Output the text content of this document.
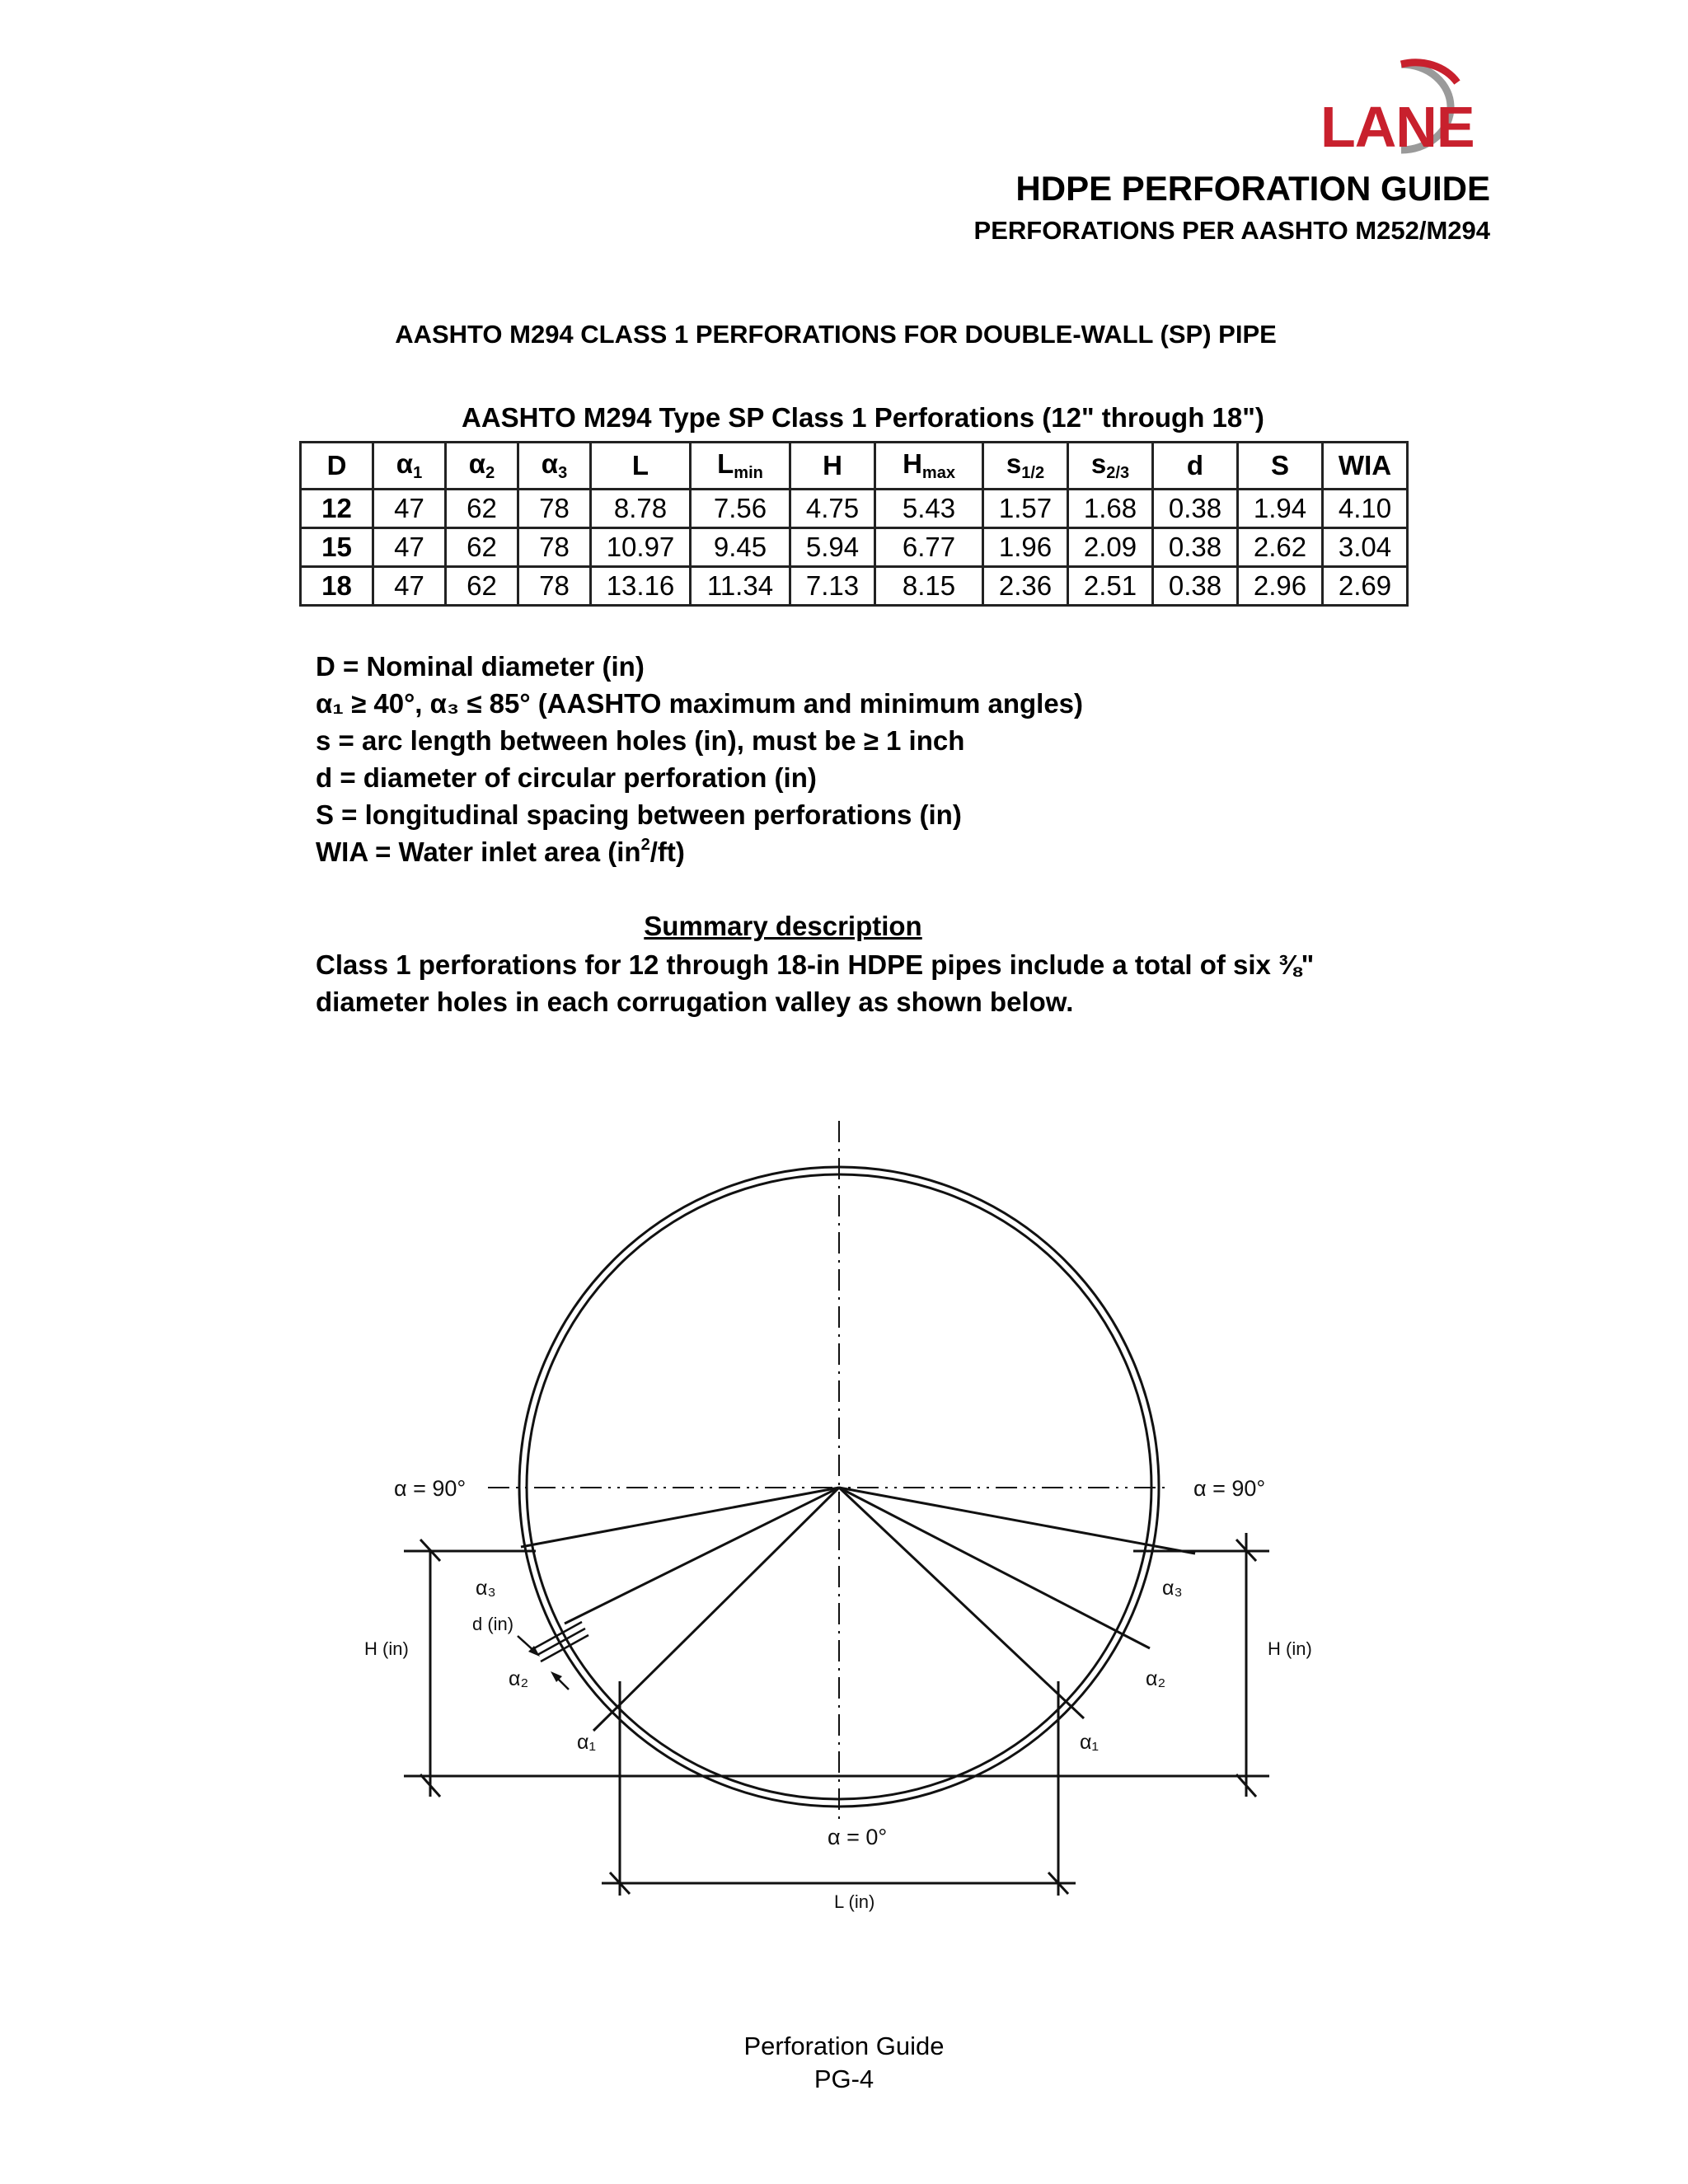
LANE
HDPE PERFORATION GUIDE
PERFORATIONS PER AASHTO M252/M294
AASHTO M294 CLASS 1 PERFORATIONS FOR DOUBLE-WALL (SP) PIPE
AASHTO M294 Type SP Class 1 Perforations (12" through 18")
D	$\alpha_1$	$\alpha_2$	$\alpha_3$	L	$L_{min}$	H	$H_{max}$	$s_{1/2}$	$s_{2/3}$	d	S	WIA
12	47	62	78	8.78	7.56	4.75	5.43	1.57	1.68	0.38	1.94	4.10
15	47	62	78	10.97	9.45	5.94	6.77	1.96	2.09	0.38	2.62	3.04
18	47	62	78	13.16	11.34	7.13	8.15	2.36	2.51	0.38	2.96	2.69
D = Nominal diameter (in)
α₁ ≥ 40°, α₃ ≤ 85° (AASHTO maximum and minimum angles)
s = arc length between holes (in), must be ≥ 1 inch
d = diameter of circular perforation (in)
S = longitudinal spacing between perforations (in)
WIA = Water inlet area $(in^2/ft)$
Summary description
Class 1 perforations for 12 through 18-in HDPE pipes include a total of six ⅜" diameter holes in each corrugation valley as shown below.
α = 90°	α = 90°
α = 0°
α₃	α₃
α₂	α₂
α₁	α₁
d (in)
H (in)	H (in)
L (in)
Perforation Guide
PG-4
